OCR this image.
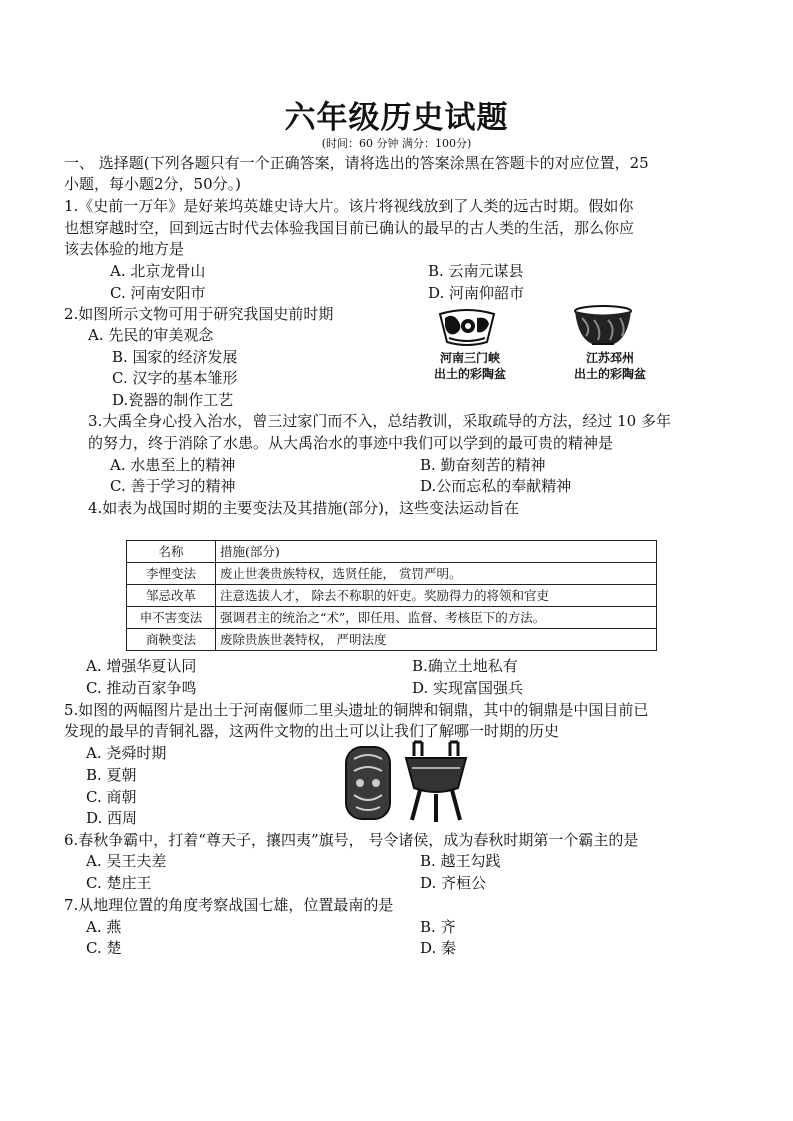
六年级历史试题
(时间：60 分钟 满分：100分)
一、 选择题(下列各题只有一个正确答案，请将选出的答案涂黑在答题卡的对应位置，25
小题，每小题2分，50分。)
1.《史前一万年》是好莱坞英雄史诗大片。该片将视线放到了人类的远古时期。假如你
也想穿越时空，回到远古时代去体验我国目前已确认的最早的古人类的生活，那么你应
该去体验的地方是
A. 北京龙骨山	B. 云南元谋县
C. 河南安阳市	D. 河南仰韶市
2.如图所示文物可用于研究我国史前时期
A. 先民的审美观念
B. 国家的经济发展
C. 汉字的基本雏形
D.瓷器的制作工艺
河南三门峡
出土的彩陶盆
江苏邳州
出土的彩陶盆
3.大禹全身心投入治水，曾三过家门而不入，总结教训，采取疏导的方法，经过 10 多年
的努力，终于消除了水患。从大禹治水的事迹中我们可以学到的最可贵的精神是
A. 水患至上的精神	B. 勤奋刻苦的精神
C. 善于学习的精神	D.公而忘私的奉献精神
4.如表为战国时期的主要变法及其措施(部分)，这些变法运动旨在
名称	措施(部分)
李悝变法	废止世袭贵族特权，选贤任能， 赏罚严明。
邹忌改革	注意选拔人才， 除去不称职的奸吏。奖励得力的将领和官吏
申不害变法	强调君主的统治之“术”，即任用、监督、考核臣下的方法。
商鞅变法	废除贵族世袭特权， 严明法度
A. 增强华夏认同	B.确立土地私有
C. 推动百家争鸣	D. 实现富国强兵
5.如图的两幅图片是出土于河南偃师二里头遗址的铜牌和铜鼎，其中的铜鼎是中国目前已
发现的最早的青铜礼器，这两件文物的出土可以让我们了解哪一时期的历史
A. 尧舜时期
B. 夏朝
C. 商朝
D. 西周
6.春秋争霸中，打着“尊天子，攘四夷”旗号， 号令诸侯，成为春秋时期第一个霸主的是
A. 吴王夫差	B. 越王勾践
C. 楚庄王	D. 齐桓公
7.从地理位置的角度考察战国七雄，位置最南的是
A. 燕	B. 齐
C. 楚	D. 秦
